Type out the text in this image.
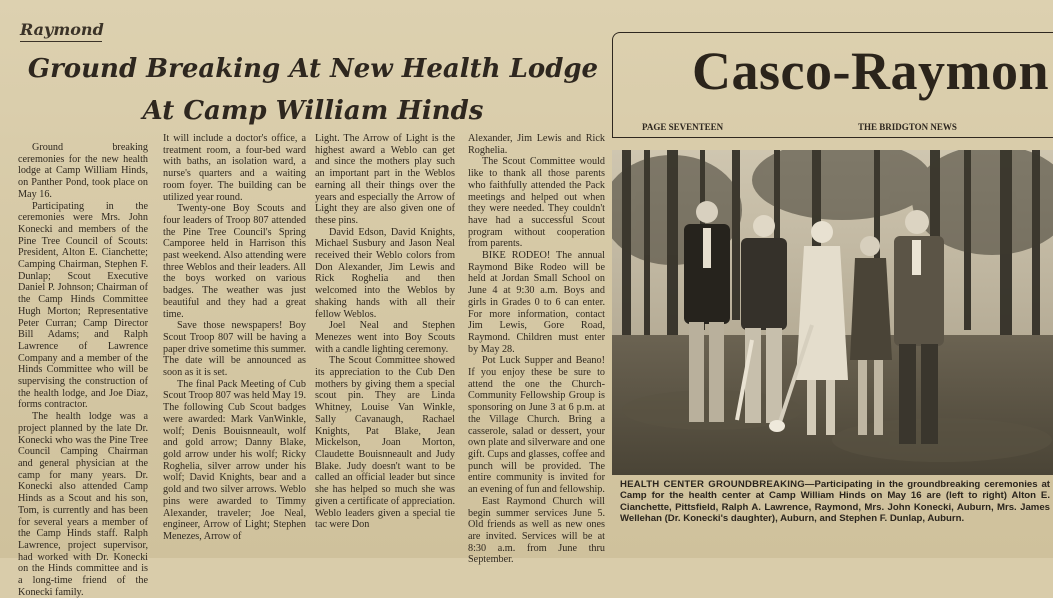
Raymond
Ground Breaking At New Health Lodge
At Camp William Hinds

Ground breaking ceremonies for the new health lodge at Camp William Hinds, on Panther Pond, took place on May 16.

Participating in the ceremonies were Mrs. John Konecki and members of the Pine Tree Council of Scouts: President, Alton E. Cianchette; Camping Chairman, Stephen F. Dunlap; Scout Executive Daniel P. Johnson; Chairman of the Camp Hinds Committee Hugh Morton; Representative Peter Curran; Camp Director Bill Adams; and Ralph Lawrence of Lawrence Company and a member of the Hinds Committee who will be supervising the construction of the health lodge, and Joe Diaz, forms contractor.

The health lodge was a project planned by the late Dr. Konecki who was the Pine Tree Council Camping Chairman and general physician at the camp for many years. Dr. Konecki also attended Camp Hinds as a Scout and his son, Tom, is currently and has been for several years a member of the Camp Hinds staff. Ralph Lawrence, project supervisor, had worked with Dr. Konecki on the Hinds committee and is a long-time friend of the Konecki family.

It will include a doctor's office, a treatment room, a four-bed ward with baths, an isolation ward, a nurse's quarters and a waiting room foyer. The building can be utilized year round.

Twenty-one Boy Scouts and four leaders of Troop 807 attended the Pine Tree Council's Spring Camporee held in Harrison this past weekend. Also attending were three Weblos and their leaders. All the boys worked on various badges. The weather was just beautiful and they had a great time.

Save those newspapers! Boy Scout Troop 807 will be having a paper drive sometime this summer. The date will be announced as soon as it is set.

The final Pack Meeting of Cub Scout Troop 807 was held May 19. The following Cub Scout badges were awarded: Mark VanWinkle, wolf; Denis Bouisnneault, wolf and gold arrow; Danny Blake, gold arrow under his wolf; Ricky Roghelia, silver arrow under his wolf; David Knights, bear and a gold and two silver arrows. Weblo pins were awarded to Timmy Alexander, traveler; Joe Neal, engineer, Arrow of Light; Stephen Menezes, Arrow of

Light. The Arrow of Light is the highest award a Weblo can get and since the mothers play such an important part in the Weblos earning all their things over the years and especially the Arrow of Light they are also given one of these pins.

David Edson, David Knights, Michael Susbury and Jason Neal received their Weblo colors from Don Alexander, Jim Lewis and Rick Roghelia and then welcomed into the Weblos by shaking hands with all their fellow Weblos.

Joel Neal and Stephen Menezes went into Boy Scouts with a candle lighting ceremony.

The Scout Committee showed its appreciation to the Cub Den mothers by giving them a special scout pin. They are Linda Whitney, Louise Van Winkle, Sally Cavanaugh, Rachael Knights, Pat Blake, Jean Mickelson, Joan Morton, Claudette Bouisnneault and Judy Blake. Judy doesn't want to be called an official leader but since she has helped so much she was given a certificate of appreciation. Weblo leaders given a special tie tac were Don

Alexander, Jim Lewis and Rick Roghelia.

The Scout Committee would like to thank all those parents who faithfully attended the Pack meetings and helped out when they were needed. They couldn't have had a successful Scout program without cooperation from parents.

BIKE RODEO! The annual Raymond Bike Rodeo will be held at Jordan Small School on June 4 at 9:30 a.m. Boys and girls in Grades 0 to 6 can enter. For more information, contact Jim Lewis, Gore Road, Raymond. Children must enter by May 28.

Pot Luck Supper and Beano! If you enjoy these be sure to attend the one the Church-Community Fellowship Group is sponsoring on June 3 at 6 p.m. at the Village Church. Bring a casserole, salad or dessert, your own plate and silverware and one gift. Cups and glasses, coffee and punch will be provided. The entire community is invited for an evening of fun and fellowship.

East Raymond Church will begin summer services June 5. Old friends as well as new ones are invited. Services will be at 8:30 a.m. from June thru September.

Casco-Raymon
PAGE SEVENTEEN	THE BRIDGTON NEWS
HEALTH CENTER GROUNDBREAKING—Participating in the groundbreaking ceremonies at Camp for the health center at Camp William Hinds on May 16 are (left to right) Alton E. Cianchette, Pittsfield, Ralph A. Lawrence, Raymond, Mrs. John Konecki, Auburn, Mrs. James Wellehan (Dr. Konecki's daughter), Auburn, and Stephen F. Dunlap, Auburn.
